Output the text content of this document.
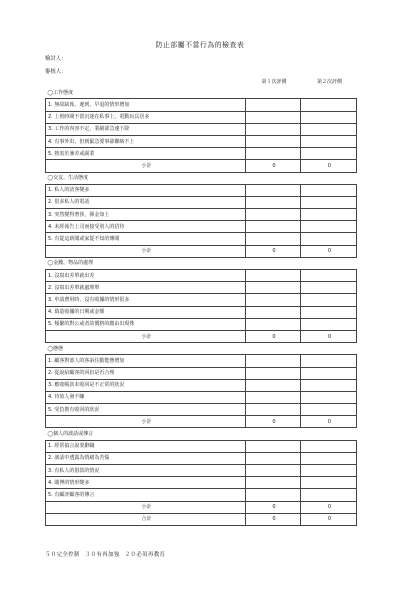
防止部屬不當行為的檢查表
檢討人：
審核人：
	第１次評價	第２次評價
◯工作態度		
1. 無故缺席、遲到、早退的情形增加		
2. 上班時間不當沉迷在私事上，電動玩具居多		
3. 工作的內容不定，業績卻急速下降		
4. 有事外出，但到緊急要事卻聯絡不上		
5. 熱衷於兼差或副業		
小計	0	0
◯交友、生活態度		
1. 私人的訪客變多		
2. 很多私人的電話		
3. 突然變得奢侈，揮金如土		
4. 未經報告上司而接受別人的招待		
5. 有從這新聞或家從不知的傳聞		
小計	0	0
◯金錢、物品的處理		
1. 沒寫出差單就出差		
2. 沒寫出差單就處理單		
3. 申請費用時，沒有收據的情形很多		
4. 偽造收據的日期或金額		
5. 頻繁的對公或者故價格的繳由出現殊		
小計	0	0
◯態態		
1. 顧客對部人的客訴住勤能態增加		
2. 從說給顧客的回扣是否合理		
3. 應收帳款未收回是不正常的狀況		
4. 待放人發不賺		
5. 受負擔有收回的狀況		
小計	0	0
◯個人的談話或傳言		
1. 經常搞言說要辭職		
2. 談話中透露為情緒為苦惱		
3. 有私人的借款的情況		
4. 賭博的情形變多		
5. 有顧評顧客的傳言		
小計	0	0
合計	0	0
５０完全控制 ３０有再加強 ２０必須再教育
